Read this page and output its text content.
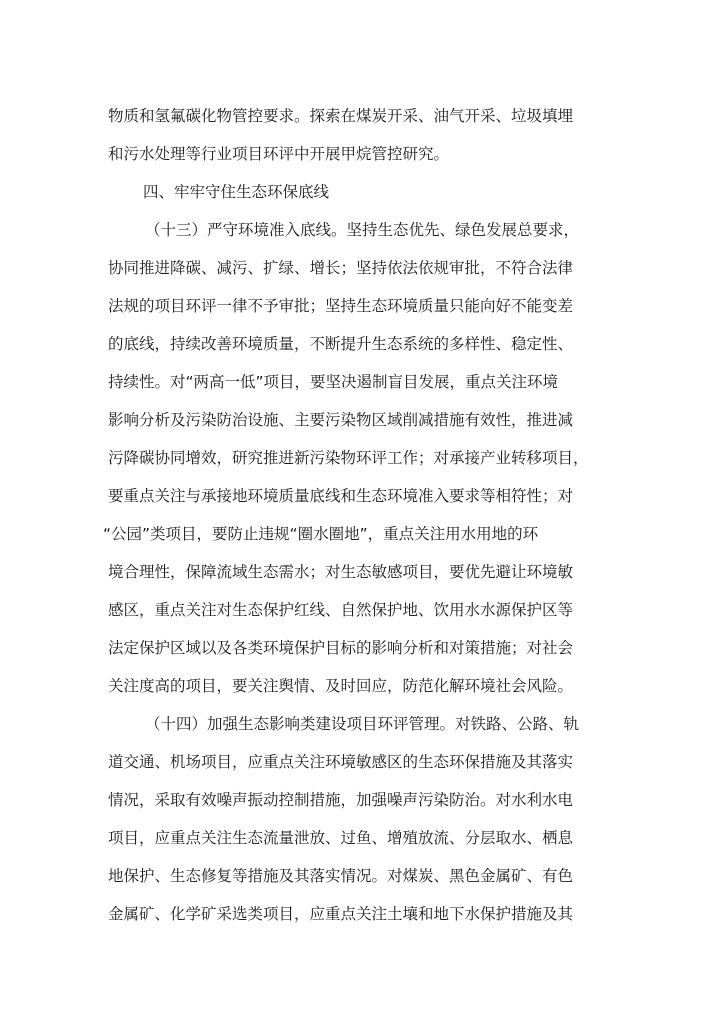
物质和氢氟碳化物管控要求。探索在煤炭开采、油气开采、垃圾填埋
和污水处理等行业项目环评中开展甲烷管控研究。
四、牢牢守住生态环保底线
（十三）严守环境准入底线。坚持生态优先、绿色发展总要求，
协同推进降碳、减污、扩绿、增长；坚持依法依规审批，不符合法律
法规的项目环评一律不予审批；坚持生态环境质量只能向好不能变差
的底线，持续改善环境质量，不断提升生态系统的多样性、稳定性、
持续性。对“两高一低”项目，要坚决遏制盲目发展，重点关注环境
影响分析及污染防治设施、主要污染物区域削减措施有效性，推进减
污降碳协同增效，研究推进新污染物环评工作；对承接产业转移项目，
要重点关注与承接地环境质量底线和生态环境准入要求等相符性；对
“公园”类项目，要防止违规“圈水圈地”，重点关注用水用地的环
境合理性，保障流域生态需水；对生态敏感项目，要优先避让环境敏
感区，重点关注对生态保护红线、自然保护地、饮用水水源保护区等
法定保护区域以及各类环境保护目标的影响分析和对策措施；对社会
关注度高的项目，要关注舆情、及时回应，防范化解环境社会风险。
（十四）加强生态影响类建设项目环评管理。对铁路、公路、轨
道交通、机场项目，应重点关注环境敏感区的生态环保措施及其落实
情况，采取有效噪声振动控制措施，加强噪声污染防治。对水利水电
项目，应重点关注生态流量泄放、过鱼、增殖放流、分层取水、栖息
地保护、生态修复等措施及其落实情况。对煤炭、黑色金属矿、有色
金属矿、化学矿采选类项目，应重点关注土壤和地下水保护措施及其
